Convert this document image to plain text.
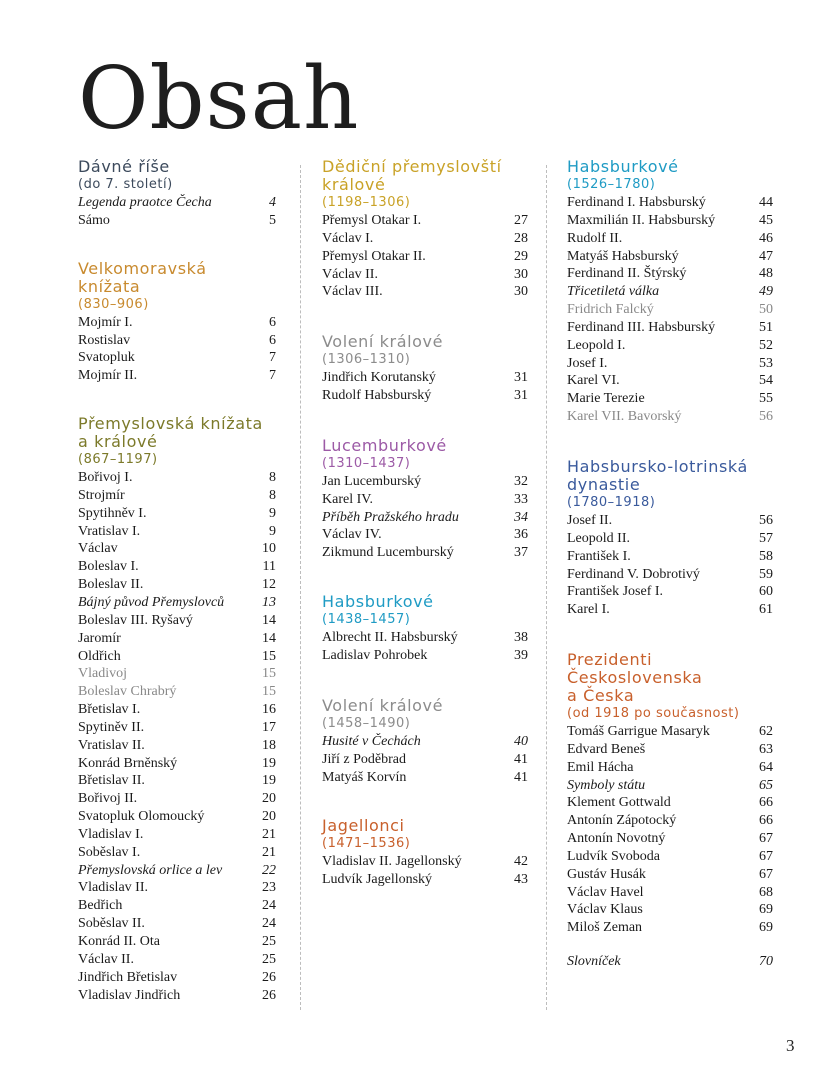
Obsah
Dávné říše
(do 7. století)
Legenda praotce Čecha	4
Sámo	5
Velkomoravská
knížata
(830–906)
Mojmír I.	6
Rostislav	6
Svatopluk	7
Mojmír II.	7
Přemyslovská knížata
a králové
(867–1197)
Bořivoj I.	8
Strojmír	8
Spytihněv I.	9
Vratislav I.	9
Václav	10
Boleslav I.	11
Boleslav II.	12
Bájný původ Přemyslovců	13
Boleslav III. Ryšavý	14
Jaromír	14
Oldřich	15
Vladivoj	15
Boleslav Chrabrý	15
Břetislav I.	16
Spytiněv II.	17
Vratislav II.	18
Konrád Brněnský	19
Břetislav II.	19
Bořivoj II.	20
Svatopluk Olomoucký	20
Vladislav I.	21
Soběslav I.	21
Přemyslovská orlice a lev	22
Vladislav II.	23
Bedřich	24
Soběslav II.	24
Konrád II. Ota	25
Václav II.	25
Jindřich Břetislav	26
Vladislav Jindřich	26
Dědiční přemyslovští
králové
(1198–1306)
Přemysl Otakar I.	27
Václav I.	28
Přemysl Otakar II.	29
Václav II.	30
Václav III.	30
Volení králové
(1306–1310)
Jindřich Korutanský	31
Rudolf Habsburský	31
Lucemburkové
(1310–1437)
Jan Lucemburský	32
Karel IV.	33
Příběh Pražského hradu	34
Václav IV.	36
Zikmund Lucemburský	37
Habsburkové
(1438–1457)
Albrecht II. Habsburský	38
Ladislav Pohrobek	39
Volení králové
(1458–1490)
Husité v Čechách	40
Jiří z Poděbrad	41
Matyáš Korvín	41
Jagellonci
(1471–1536)
Vladislav II. Jagellonský	42
Ludvík Jagellonský	43
Habsburkové
(1526–1780)
Ferdinand I. Habsburský	44
Maxmilián II. Habsburský	45
Rudolf II.	46
Matyáš Habsburský	47
Ferdinand II. Štýrský	48
Třicetiletá válka	49
Fridrich Falcký	50
Ferdinand III. Habsburský	51
Leopold I.	52
Josef I.	53
Karel VI.	54
Marie Terezie	55
Karel VII. Bavorský	56
Habsbursko-lotrinská
dynastie
(1780–1918)
Josef II.	56
Leopold II.	57
František I.	58
Ferdinand V. Dobrotivý	59
František Josef I.	60
Karel I.	61
Prezidenti
Československa
a Česka
(od 1918 po současnost)
Tomáš Garrigue Masaryk	62
Edvard Beneš	63
Emil Hácha	64
Symboly státu	65
Klement Gottwald	66
Antonín Zápotocký	66
Antonín Novotný	67
Ludvík Svoboda	67
Gustáv Husák	67
Václav Havel	68
Václav Klaus	69
Miloš Zeman	69
Slovníček	70
3
